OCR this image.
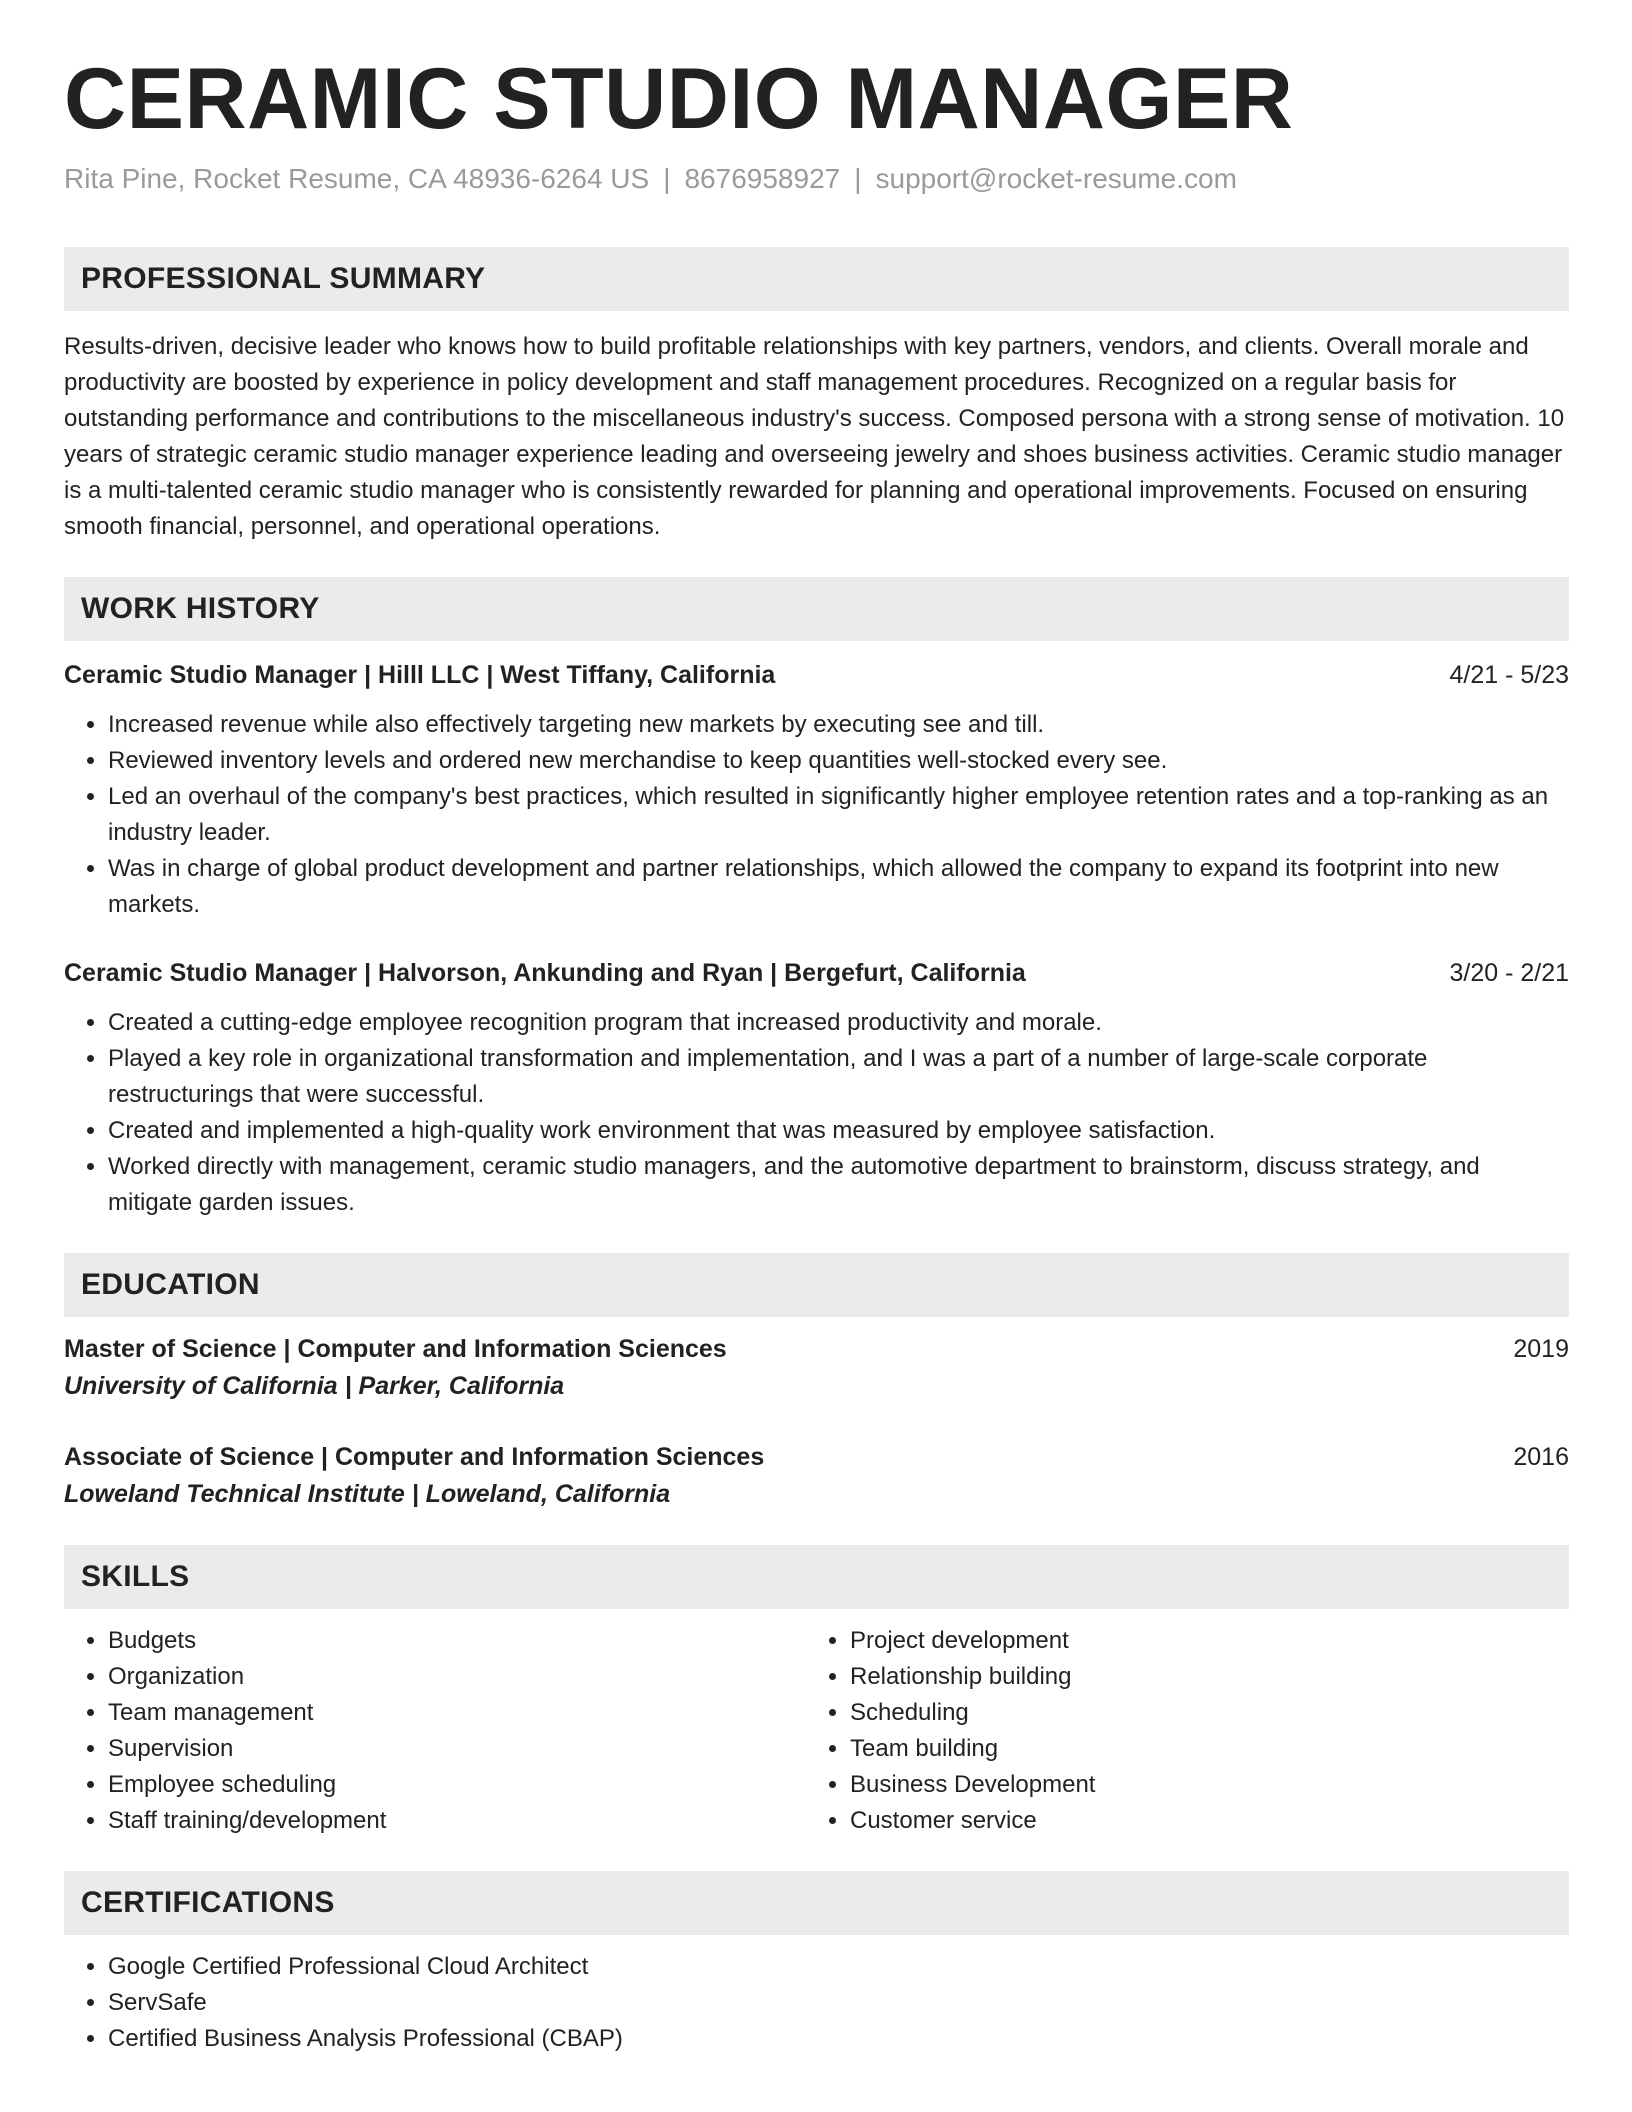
CERAMIC STUDIO MANAGER
Rita Pine, Rocket Resume, CA 48936-6264 US | 8676958927 | support@rocket-resume.com
PROFESSIONAL SUMMARY

Results-driven, decisive leader who knows how to build profitable relationships with key partners, vendors, and clients. Overall morale and productivity are boosted by experience in policy development and staff management procedures. Recognized on a regular basis for outstanding performance and contributions to the miscellaneous industry's success. Composed persona with a strong sense of motivation. 10 years of strategic ceramic studio manager experience leading and overseeing jewelry and shoes business activities. Ceramic studio manager is a multi-talented ceramic studio manager who is consistently rewarded for planning and operational improvements. Focused on ensuring smooth financial, personnel, and operational operations.

WORK HISTORY
Ceramic Studio Manager | Hilll LLC | West Tiffany, California	4/21 - 5/23
• Increased revenue while also effectively targeting new markets by executing see and till.
• Reviewed inventory levels and ordered new merchandise to keep quantities well-stocked every see.
• Led an overhaul of the company's best practices, which resulted in significantly higher employee retention rates and a top-ranking as an industry leader.
• Was in charge of global product development and partner relationships, which allowed the company to expand its footprint into new markets.
Ceramic Studio Manager | Halvorson, Ankunding and Ryan | Bergefurt, California	3/20 - 2/21
• Created a cutting-edge employee recognition program that increased productivity and morale.
• Played a key role in organizational transformation and implementation, and I was a part of a number of large-scale corporate restructurings that were successful.
• Created and implemented a high-quality work environment that was measured by employee satisfaction.
• Worked directly with management, ceramic studio managers, and the automotive department to brainstorm, discuss strategy, and mitigate garden issues.
EDUCATION
Master of Science | Computer and Information Sciences	2019
University of California | Parker, California
Associate of Science | Computer and Information Sciences	2016
Loweland Technical Institute | Loweland, California
SKILLS
• Budgets
• Organization
• Team management
• Supervision
• Employee scheduling
• Staff training/development
• Project development
• Relationship building
• Scheduling
• Team building
• Business Development
• Customer service
CERTIFICATIONS
• Google Certified Professional Cloud Architect
• ServSafe
• Certified Business Analysis Professional (CBAP)
